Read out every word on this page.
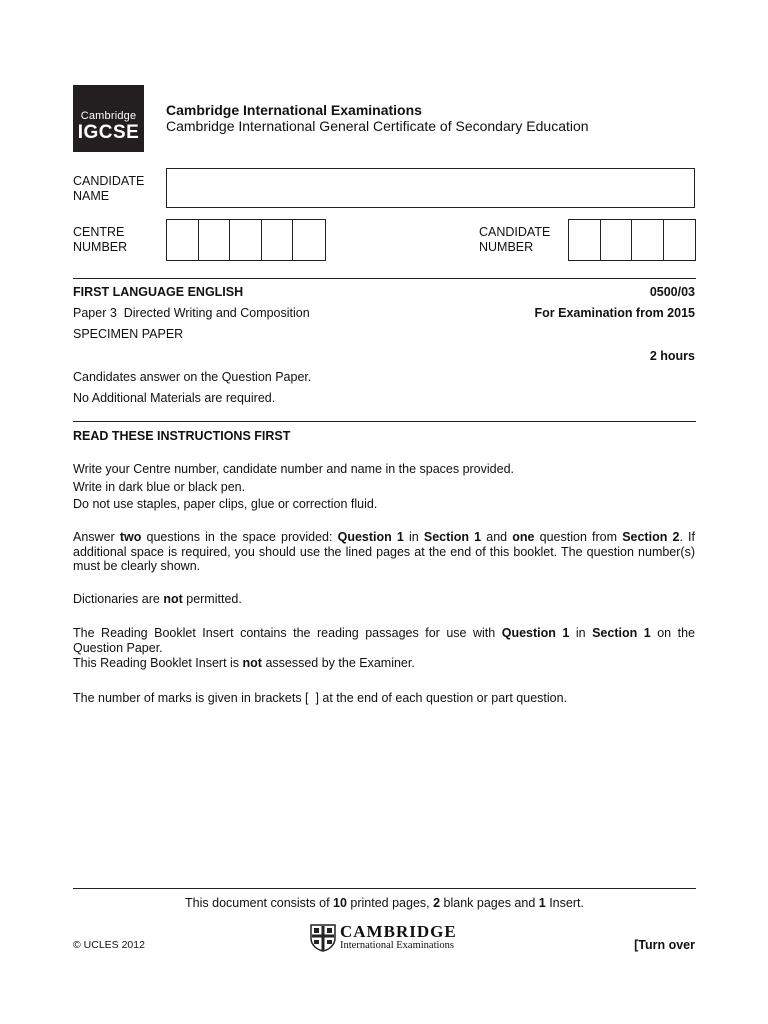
Cambridge
IGCSE
Cambridge International Examinations
Cambridge International General Certificate of Secondary Education
CANDIDATE
NAME
CENTRE
NUMBER
CANDIDATE
NUMBER
FIRST LANGUAGE ENGLISH	0500/03
Paper 3  Directed Writing and Composition	For Examination from 2015
SPECIMEN PAPER
2 hours
Candidates answer on the Question Paper.
No Additional Materials are required.
READ THESE INSTRUCTIONS FIRST
Write your Centre number, candidate number and name in the spaces provided.
Write in dark blue or black pen.
Do not use staples, paper clips, glue or correction fluid.
Answer two questions in the space provided: Question 1 in Section 1 and one question from Section 2. If additional space is required, you should use the lined pages at the end of this booklet. The question number(s) must be clearly shown.
Dictionaries are not permitted.
The Reading Booklet Insert contains the reading passages for use with Question 1 in Section 1 on the Question Paper.
This Reading Booklet Insert is not assessed by the Examiner.
The number of marks is given in brackets [  ] at the end of each question or part question.
This document consists of 10 printed pages, 2 blank pages and 1 Insert.
© UCLES 2012
CAMBRIDGE
International Examinations	[Turn over
